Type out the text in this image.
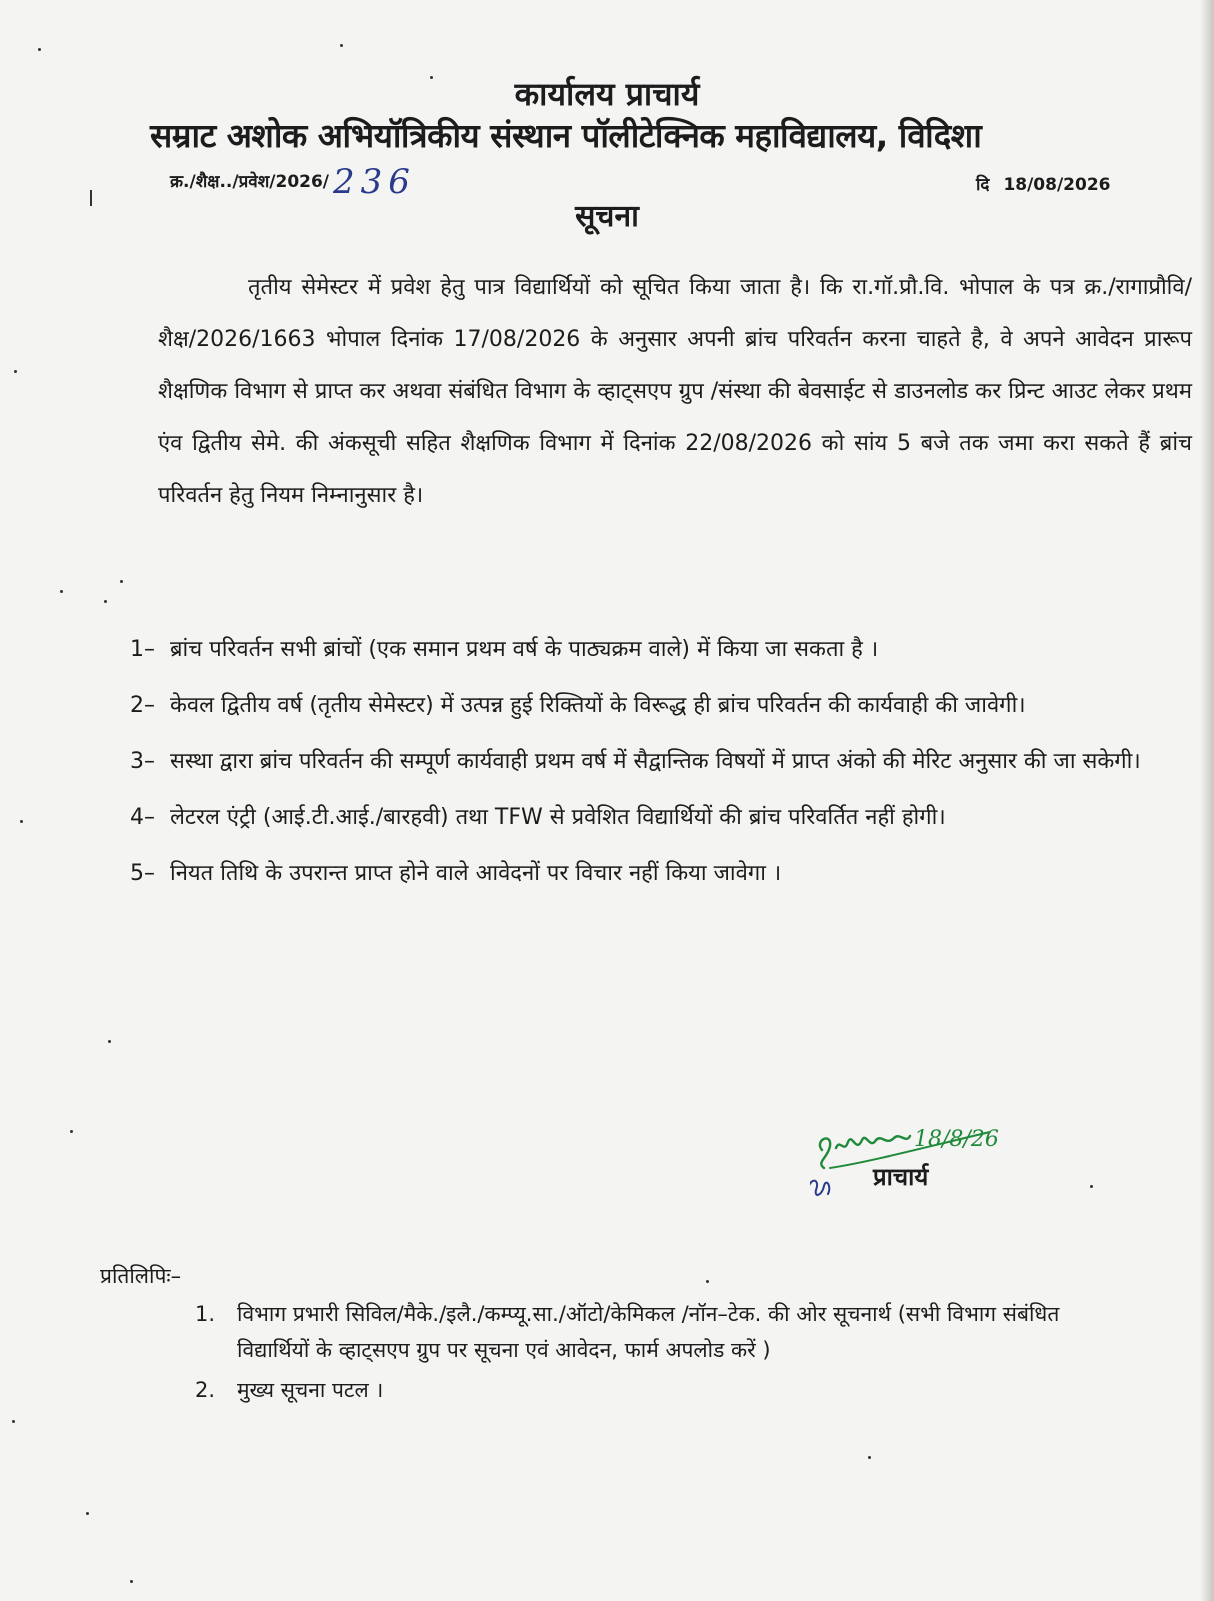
कार्यालय प्राचार्य
सम्राट अशोक अभियॉत्रिकीय संस्थान पॉलीटेक्निक महाविद्यालय, विदिशा
क्र./शैक्ष../प्रवेश/2026/ 236	दि 18/08/2026
सूचना
तृतीय सेमेस्टर में प्रवेश हेतु पात्र विद्यार्थियों को सूचित किया जाता है। कि रा.गॉ.प्रौ.वि. भोपाल के पत्र क्र./रागाप्रौवि/शैक्ष/2026/1663 भोपाल दिनांक 17/08/2026 के अनुसार अपनी ब्रांच परिवर्तन करना चाहते है, वे अपने आवेदन प्रारूप शैक्षणिक विभाग से प्राप्त कर अथवा संबंधित विभाग के व्हाट्सएप ग्रुप /संस्था की बेवसाईट से डाउनलोड कर प्रिन्ट आउट लेकर प्रथम एंव द्वितीय सेमे. की अंकसूची सहित शैक्षणिक विभाग में दिनांक 22/08/2026 को सांय 5 बजे तक जमा करा सकते हैं ब्रांच परिवर्तन हेतु नियम निम्नानुसार है।
1– ब्रांच परिवर्तन सभी ब्रांचों (एक समान प्रथम वर्ष के पाठ्यक्रम वाले) में किया जा सकता है ।
2– केवल द्वितीय वर्ष (तृतीय सेमेस्टर) में उत्पन्न हुई रिक्तियों के विरूद्ध ही ब्रांच परिवर्तन की कार्यवाही की जावेगी।
3– सस्था द्वारा ब्रांच परिवर्तन की सम्पूर्ण कार्यवाही प्रथम वर्ष में सैद्वान्तिक विषयों में प्राप्त अंको की मेरिट अनुसार की जा सकेगी।
4– लेटरल एंट्री (आई.टी.आई./बारहवी) तथा TFW से प्रवेशित विद्यार्थियों की ब्रांच परिवर्तित नहीं होगी।
5– नियत तिथि के उपरान्त प्राप्त होने वाले आवेदनों पर विचार नहीं किया जावेगा ।
18/8/26
प्राचार्य
प्रतिलिपिः–
1.	विभाग प्रभारी सिविल/मैके./इलै./कम्प्यू.सा./ऑटो/केमिकल /नॉन–टेक. की ओर सूचनार्थ (सभी विभाग संबंधित विद्यार्थियों के व्हाट्सएप ग्रुप पर सूचना एवं आवेदन, फार्म अपलोड करें )
2.	मुख्य सूचना पटल ।
